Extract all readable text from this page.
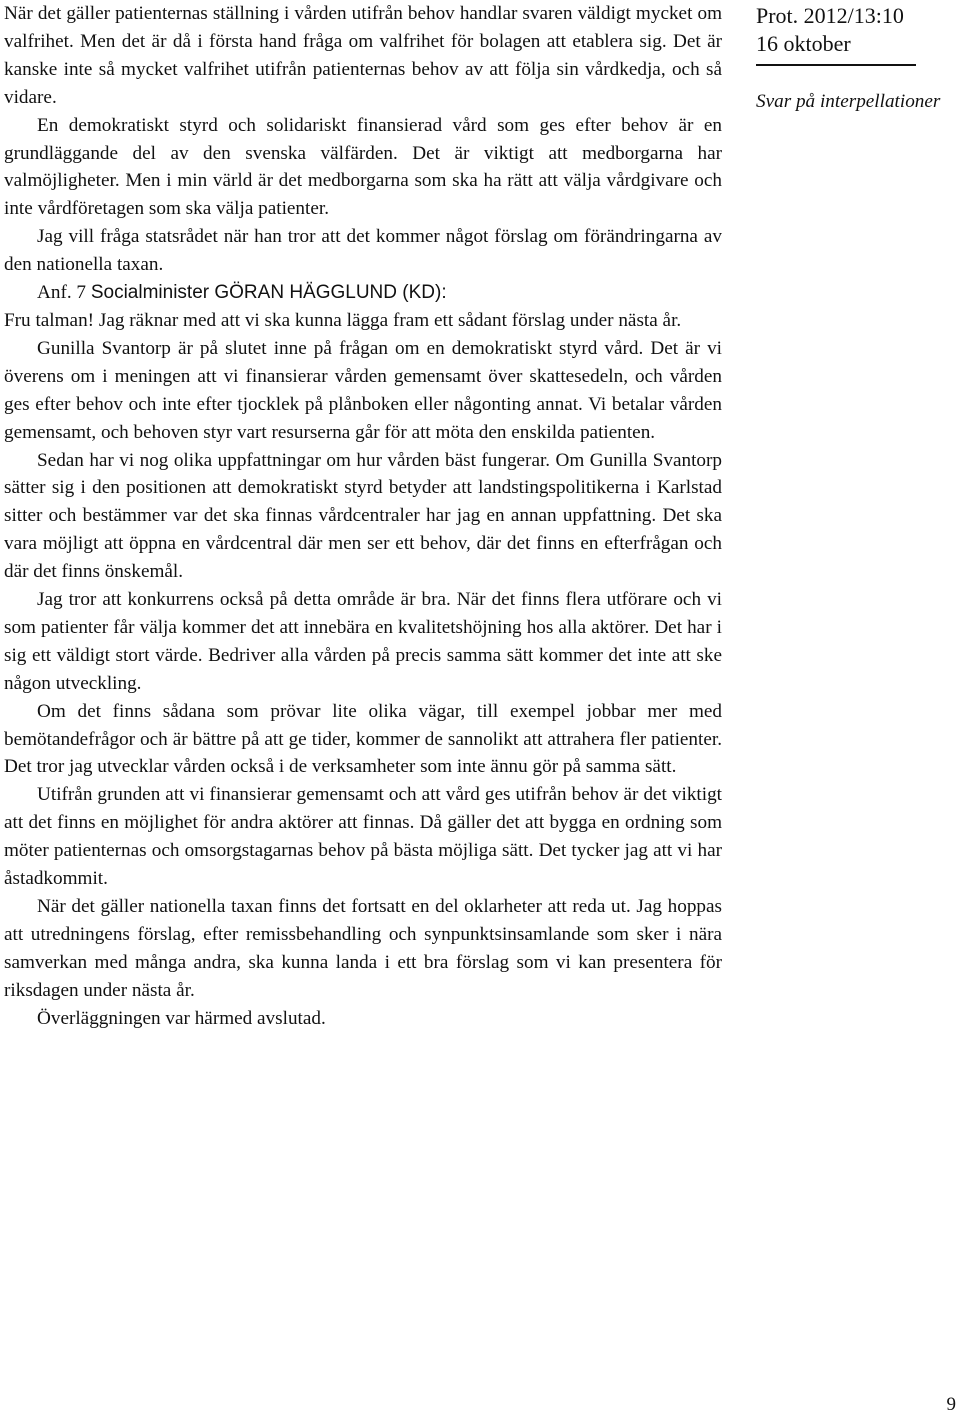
När det gäller patienternas ställning i vården utifrån behov handlar svaren väldigt mycket om valfrihet. Men det är då i första hand fråga om valfrihet för bolagen att etablera sig. Det är kanske inte så mycket valfrihet utifrån patienternas behov av att följa sin vårdkedja, och så vidare.

En demokratiskt styrd och solidariskt finansierad vård som ges efter behov är en grundläggande del av den svenska välfärden. Det är viktigt att medborgarna har valmöjligheter. Men i min värld är det medborgarna som ska ha rätt att välja vårdgivare och inte vårdföretagen som ska välja patienter.

Jag vill fråga statsrådet när han tror att det kommer något förslag om förändringarna av den nationella taxan.

Anf. 7 Socialminister GÖRAN HÄGGLUND (KD):

Fru talman! Jag räknar med att vi ska kunna lägga fram ett sådant förslag under nästa år.

Gunilla Svantorp är på slutet inne på frågan om en demokratiskt styrd vård. Det är vi överens om i meningen att vi finansierar vården gemensamt över skattesedeln, och vården ges efter behov och inte efter tjocklek på plånboken eller någonting annat. Vi betalar vården gemensamt, och behoven styr vart resurserna går för att möta den enskilda patienten.

Sedan har vi nog olika uppfattningar om hur vården bäst fungerar. Om Gunilla Svantorp sätter sig i den positionen att demokratiskt styrd betyder att landstingspolitikerna i Karlstad sitter och bestämmer var det ska finnas vårdcentraler har jag en annan uppfattning. Det ska vara möjligt att öppna en vårdcentral där men ser ett behov, där det finns en efterfrågan och där det finns önskemål.

Jag tror att konkurrens också på detta område är bra. När det finns flera utförare och vi som patienter får välja kommer det att innebära en kvalitetshöjning hos alla aktörer. Det har i sig ett väldigt stort värde. Bedriver alla vården på precis samma sätt kommer det inte att ske någon utveckling.

Om det finns sådana som prövar lite olika vägar, till exempel jobbar mer med bemötandefrågor och är bättre på att ge tider, kommer de sannolikt att attrahera fler patienter. Det tror jag utvecklar vården också i de verksamheter som inte ännu gör på samma sätt.

Utifrån grunden att vi finansierar gemensamt och att vård ges utifrån behov är det viktigt att det finns en möjlighet för andra aktörer att finnas. Då gäller det att bygga en ordning som möter patienternas och omsorgstagarnas behov på bästa möjliga sätt. Det tycker jag att vi har åstadkommit.

När det gäller nationella taxan finns det fortsatt en del oklarheter att reda ut. Jag hoppas att utredningens förslag, efter remissbehandling och synpunktsinsamlande som sker i nära samverkan med många andra, ska kunna landa i ett bra förslag som vi kan presentera för riksdagen under nästa år.

Överläggningen var härmed avslutad.

Prot. 2012/13:10

16 oktober

Svar på interpellationer

9
